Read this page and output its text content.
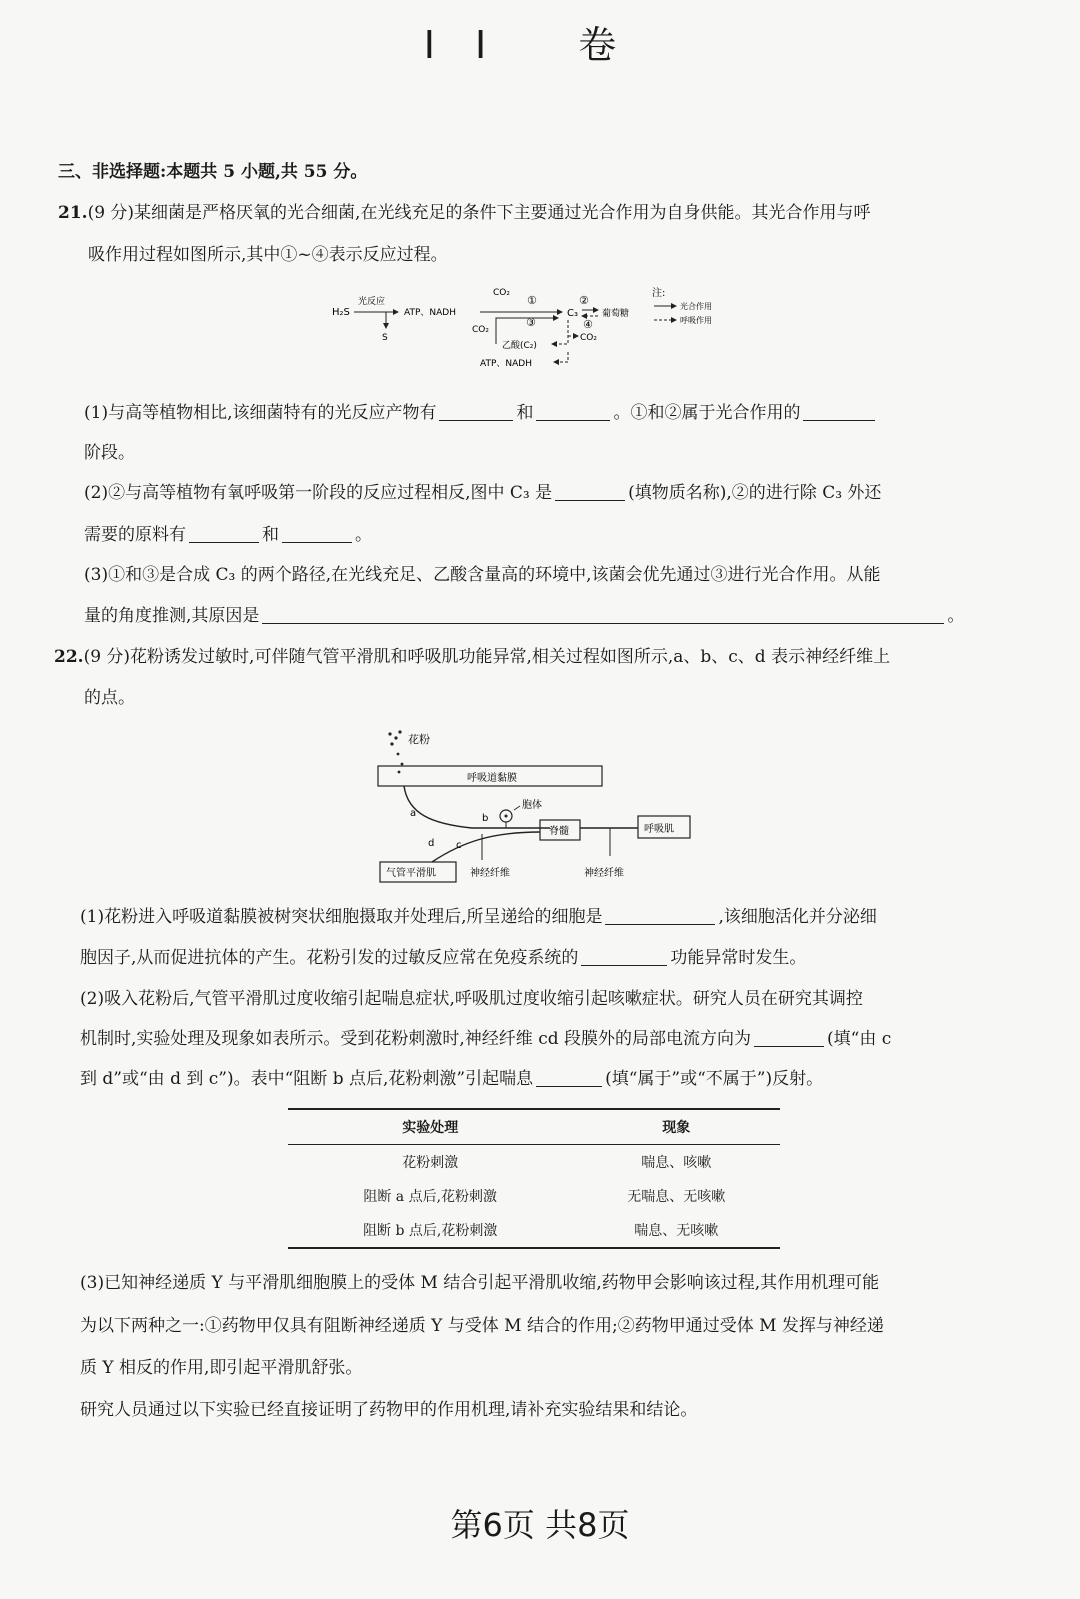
II 卷
三、非选择题:本题共 5 小题,共 55 分。
21.(9 分)某细菌是严格厌氧的光合细菌,在光线充足的条件下主要通过光合作用为自身供能。其光合作用与呼
吸作用过程如图所示,其中①~④表示反应过程。
H₂S
光反应
S
ATP、NADH
CO₂
①
C₃
②
④
葡萄糖
CO₂
③
乙酸(C₂)
CO₂
ATP、NADH
注:
光合作用
呼吸作用
(1)与高等植物相比,该细菌特有的光反应产物有	和	。①和②属于光合作用的
阶段。
(2)②与高等植物有氧呼吸第一阶段的反应过程相反,图中 C₃ 是	(填物质名称),②的进行除 C₃ 外还
需要的原料有	和	。
(3)①和③是合成 C₃ 的两个路径,在光线充足、乙酸含量高的环境中,该菌会优先通过③进行光合作用。从能
量的角度推测,其原因是	。
22.(9 分)花粉诱发过敏时,可伴随气管平滑肌和呼吸肌功能异常,相关过程如图所示,a、b、c、d 表示神经纤维上
的点。
花粉
呼吸道黏膜
a	b
胞体
脊髓	呼吸肌
c
d
气管平滑肌	神经纤维	神经纤维
(1)花粉进入呼吸道黏膜被树突状细胞摄取并处理后,所呈递给的细胞是	,该细胞活化并分泌细
胞因子,从而促进抗体的产生。花粉引发的过敏反应常在免疫系统的	功能异常时发生。
(2)吸入花粉后,气管平滑肌过度收缩引起喘息症状,呼吸肌过度收缩引起咳嗽症状。研究人员在研究其调控
机制时,实验处理及现象如表所示。受到花粉刺激时,神经纤维 cd 段膜外的局部电流方向为	(填“由 c
到 d”或“由 d 到 c”)。表中“阻断 b 点后,花粉刺激”引起喘息	(填“属于”或“不属于”)反射。
实验处理	现象
花粉刺激	喘息、咳嗽
阻断 a 点后,花粉刺激	无喘息、无咳嗽
阻断 b 点后,花粉刺激	喘息、无咳嗽
(3)已知神经递质 Y 与平滑肌细胞膜上的受体 M 结合引起平滑肌收缩,药物甲会影响该过程,其作用机理可能
为以下两种之一:①药物甲仅具有阻断神经递质 Y 与受体 M 结合的作用;②药物甲通过受体 M 发挥与神经递
质 Y 相反的作用,即引起平滑肌舒张。
研究人员通过以下实验已经直接证明了药物甲的作用机理,请补充实验结果和结论。
第6页 共8页
